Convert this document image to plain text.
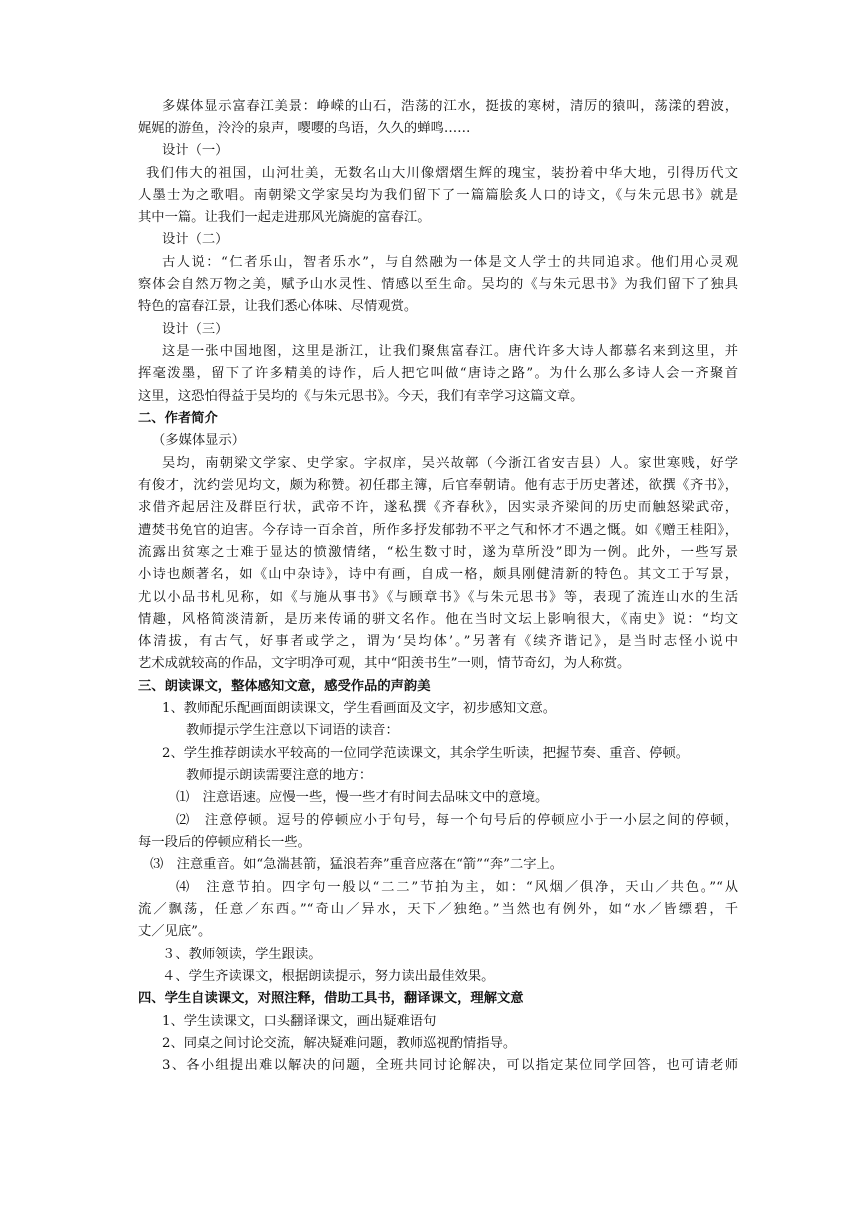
多媒体显示富春江美景：峥嵘的山石，浩荡的江水，挺拔的寒树，清厉的猿叫，荡漾的碧波，
娓娓的游鱼，泠泠的泉声，嘤嘤的鸟语，久久的蝉鸣……
设计（一）
我们伟大的祖国，山河壮美，无数名山大川像熠熠生辉的瑰宝，装扮着中华大地，引得历代文
人墨士为之歌唱。南朝梁文学家吴均为我们留下了一篇篇脍炙人口的诗文，《与朱元思书》就是
其中一篇。让我们一起走进那风光旖旎的富春江。
设计（二）
古人说：“仁者乐山，智者乐水”，与自然融为一体是文人学士的共同追求。他们用心灵观
察体会自然万物之美，赋予山水灵性、情感以至生命。吴均的《与朱元思书》为我们留下了独具
特色的富春江景，让我们悉心体味、尽情观赏。
设计（三）
这是一张中国地图，这里是浙江，让我们聚焦富春江。唐代许多大诗人都慕名来到这里，并
挥毫泼墨，留下了许多精美的诗作，后人把它叫做“唐诗之路”。为什么那么多诗人会一齐聚首
这里，这恐怕得益于吴均的《与朱元思书》。今天，我们有幸学习这篇文章。
二、作者简介
（多媒体显示）
吴均，南朝梁文学家、史学家。字叔庠，吴兴故鄣（今浙江省安吉县）人。家世寒贱，好学
有俊才，沈约尝见均文，颇为称赞。初任郡主簿，后官奉朝请。他有志于历史著述，欲撰《齐书》，
求借齐起居注及群臣行状，武帝不许，遂私撰《齐春秋》，因实录齐梁间的历史而触怒梁武帝，
遭焚书免官的迫害。今存诗一百余首，所作多抒发郁勃不平之气和怀才不遇之慨。如《赠王桂阳》，
流露出贫寒之士难于显达的愤激情绪，“松生数寸时，遂为草所没”即为一例。此外，一些写景
小诗也颇著名，如《山中杂诗》，诗中有画，自成一格，颇具刚健清新的特色。其文工于写景，
尤以小品书札见称，如《与施从事书》《与顾章书》《与朱元思书》等，表现了流连山水的生活
情趣，风格简淡清新，是历来传诵的骈文名作。他在当时文坛上影响很大，《南史》说：“均文
体清拔，有古气，好事者或学之，谓为‘吴均体’。”另著有《续齐谐记》，是当时志怪小说中
艺术成就较高的作品，文字明净可观，其中“阳羡书生”一则，情节奇幻，为人称赏。
三、朗读课文，整体感知文意，感受作品的声韵美
1、教师配乐配画面朗读课文，学生看画面及文字，初步感知文意。
教师提示学生注意以下词语的读音：
2、学生推荐朗读水平较高的一位同学范读课文，其余学生听读，把握节奏、重音、停顿。
教师提示朗读需要注意的地方：
⑴　注意语速。应慢一些，慢一些才有时间去品味文中的意境。
⑵　注意停顿。逗号的停顿应小于句号，每一个句号后的停顿应小于一小层之间的停顿，
每一段后的停顿应稍长一些。
⑶　注意重音。如“急湍甚箭，猛浪若奔”重音应落在“箭”“奔”二字上。
⑷　注意节拍。四字句一般以“二二”节拍为主，如：“风烟／俱净，天山／共色。”“从
流／飘荡，任意／东西。”“奇山／异水，天下／独绝。”当然也有例外，如“水／皆缥碧，千
丈／见底”。
３、教师领读，学生跟读。
４、学生齐读课文，根据朗读提示，努力读出最佳效果。
四、学生自读课文，对照注释，借助工具书，翻译课文，理解文意
1、学生读课文，口头翻译课文，画出疑难语句
2、同桌之间讨论交流，解决疑难问题，教师巡视酌情指导。
3、各小组提出难以解决的问题，全班共同讨论解决，可以指定某位同学回答，也可请老师
